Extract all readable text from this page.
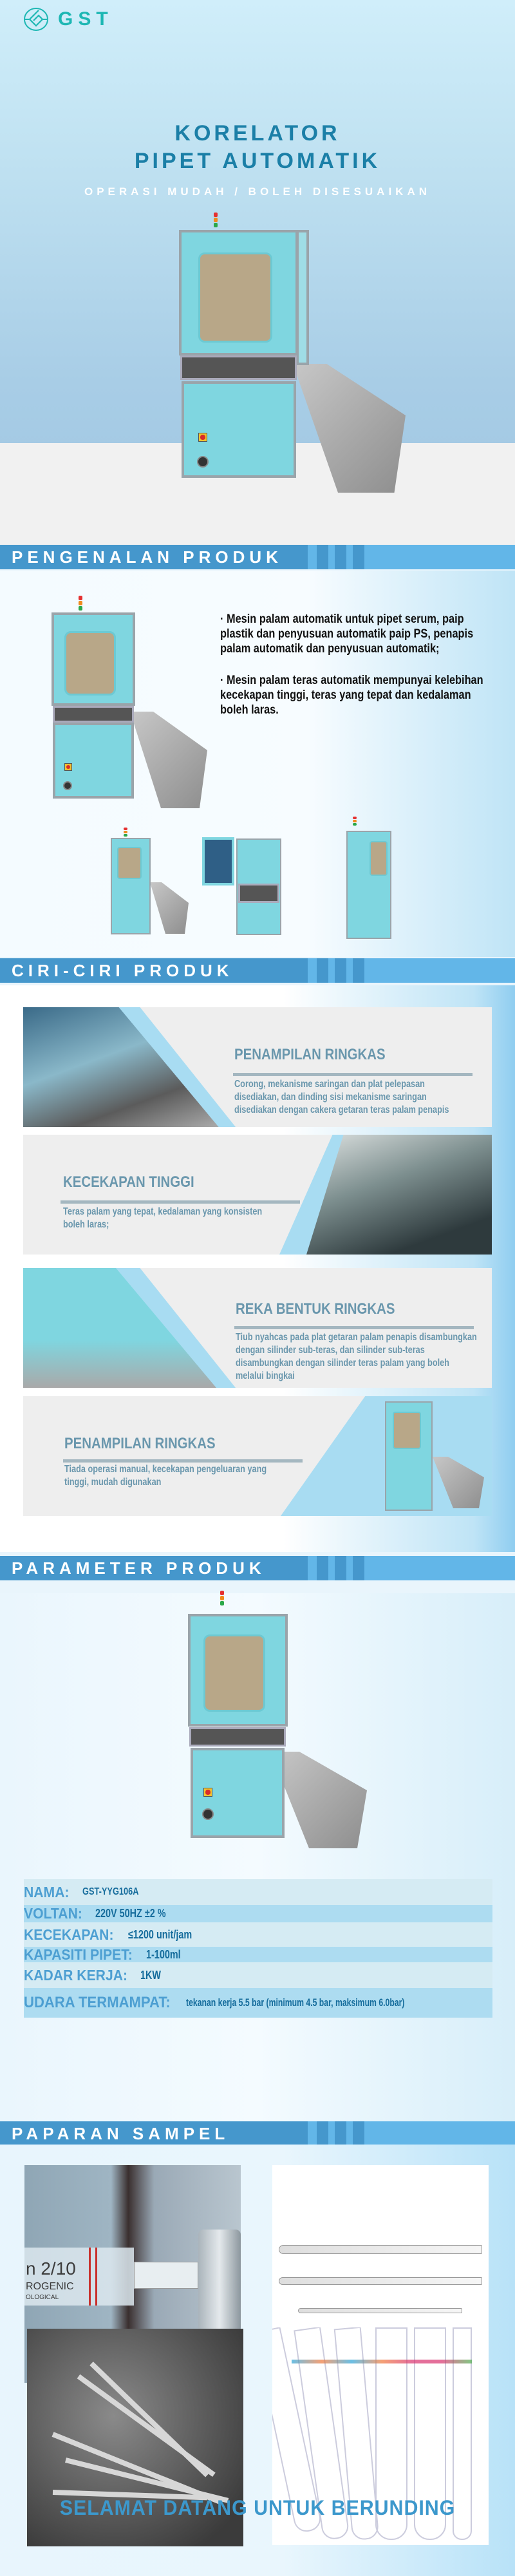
GST
KORELATOR
PIPET AUTOMATIK
OPERASI MUDAH / BOLEH DISESUAIKAN
PENGENALAN PRODUK

· Mesin palam automatik untuk pipet serum, paip plastik dan penyusuan automatik paip PS, penapis palam automatik dan penyusuan automatik;

· Mesin palam teras automatik mempunyai kelebihan kecekapan tinggi, teras yang tepat dan kedalaman boleh laras.

CIRI-CIRI PRODUK
PENAMPILAN RINGKAS
Corong, mekanisme saringan dan plat pelepasan disediakan, dan dinding sisi mekanisme saringan disediakan dengan cakera getaran teras palam penapis
KECEKAPAN TINGGI
Teras palam yang tepat, kedalaman yang konsisten boleh laras;
REKA BENTUK RINGKAS
Tiub nyahcas pada plat getaran palam penapis disambungkan dengan silinder sub-teras, dan silinder sub-teras disambungkan dengan silinder teras palam yang boleh melalui bingkai
PENAMPILAN RINGKAS
Tiada operasi manual, kecekapan pengeluaran yang tinggi, mudah digunakan
PARAMETER PRODUK
NAMA: GST-YYG106A
VOLTAN: 220V 50HZ ±2 %
KECEKAPAN: ≤1200 unit/jam
KAPASITI PIPET: 1-100ml
KADAR KERJA: 1KW
UDARA TERMAMPAT: tekanan kerja 5.5 bar (minimum 4.5 bar, maksimum 6.0bar)
PAPARAN SAMPEL
n 2/10
ROGENIC
OLOGICAL
SELAMAT DATANG UNTUK BERUNDING
